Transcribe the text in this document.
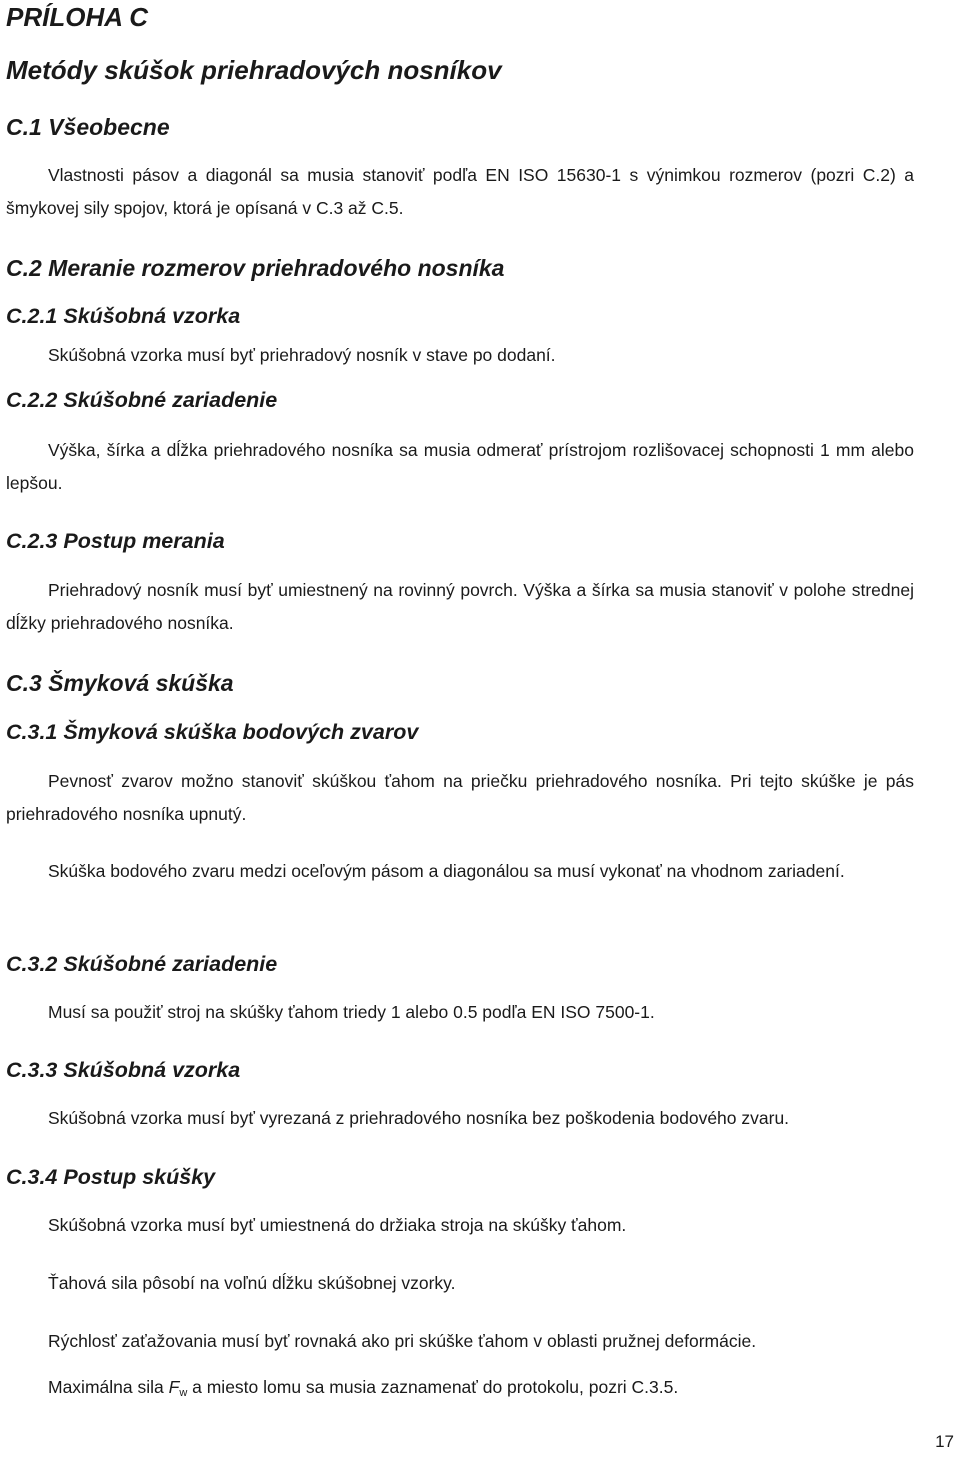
PRÍLOHA C
Metódy skúšok priehradových nosníkov
C.1 Všeobecne

Vlastnosti pásov a diagonál sa musia stanoviť podľa EN ISO 15630-1 s výnimkou rozmerov (pozri C.2) a šmykovej sily spojov, ktorá je opísaná v C.3 až C.5.

C.2 Meranie rozmerov priehradového nosníka
C.2.1 Skúšobná vzorka
Skúšobná vzorka musí byť priehradový nosník v stave po dodaní.
C.2.2 Skúšobné zariadenie

Výška, šírka a dĺžka priehradového nosníka sa musia odmerať prístrojom rozlišovacej schopnosti 1 mm alebo lepšou.

C.2.3 Postup merania

Priehradový nosník musí byť umiestnený na rovinný povrch. Výška a šírka sa musia stanoviť v polohe strednej dĺžky priehradového nosníka.

C.3 Šmyková skúška
C.3.1 Šmyková skúška bodových zvarov

Pevnosť zvarov možno stanoviť skúškou ťahom na priečku priehradového nosníka. Pri tejto skúške je pás priehradového nosníka upnutý.

Skúška bodového zvaru medzi oceľovým pásom a diagonálou sa musí vykonať na vhodnom zariadení.

C.3.2 Skúšobné zariadenie
Musí sa použiť stroj na skúšky ťahom triedy 1 alebo 0.5 podľa EN ISO 7500-1.
C.3.3 Skúšobná vzorka
Skúšobná vzorka musí byť vyrezaná z priehradového nosníka bez poškodenia bodového zvaru.
C.3.4 Postup skúšky
Skúšobná vzorka musí byť umiestnená do držiaka stroja na skúšky ťahom.
Ťahová sila pôsobí na voľnú dĺžku skúšobnej vzorky.
Rýchlosť zaťažovania musí byť rovnaká ako pri skúške ťahom v oblasti pružnej deformácie.
Maximálna sila $F_w$ a miesto lomu sa musia zaznamenať do protokolu, pozri C.3.5.
17
